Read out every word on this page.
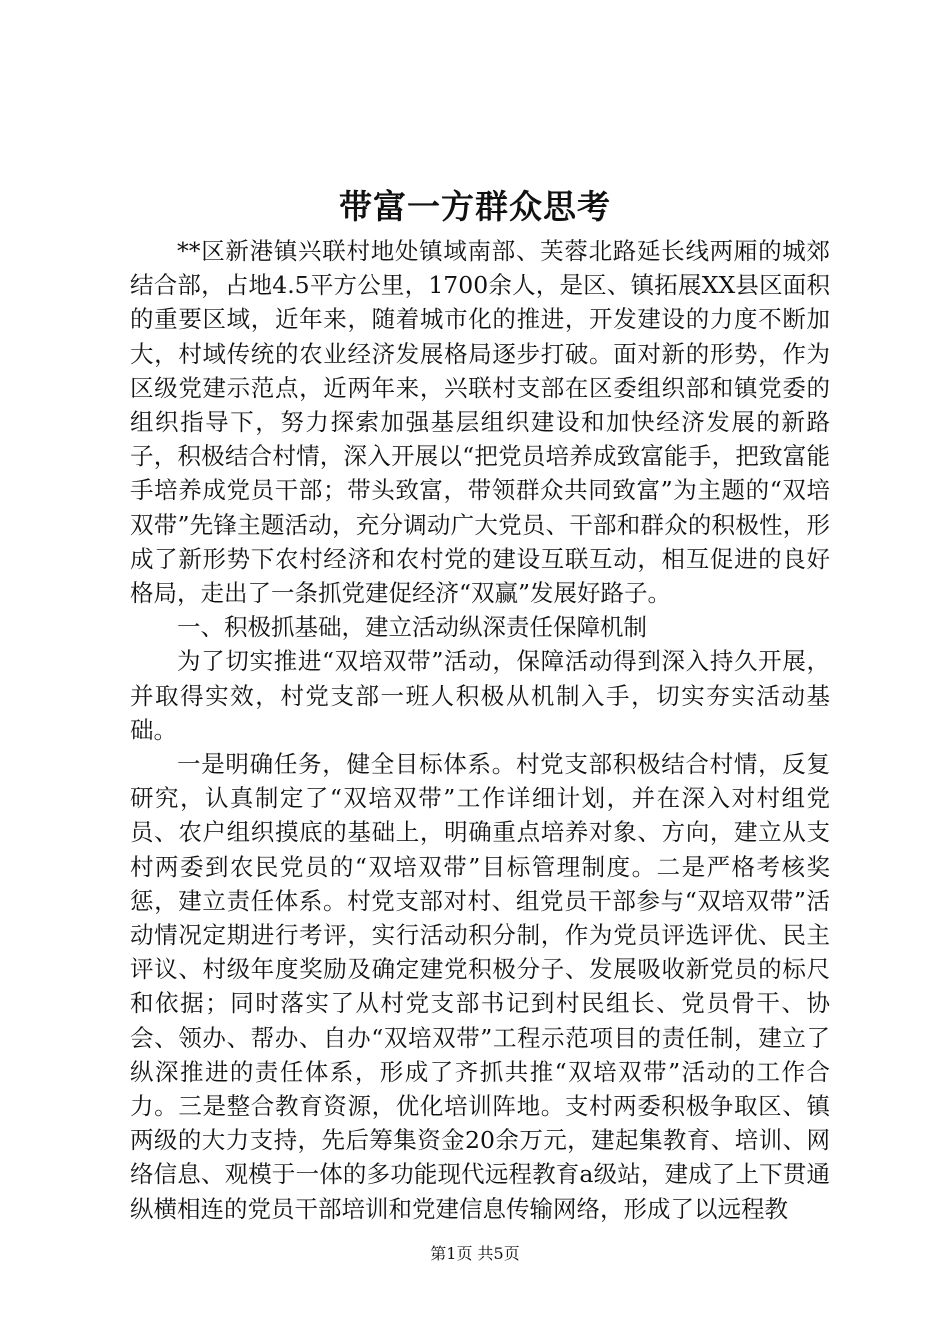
带富一方群众思考

**区新港镇兴联村地处镇域南部、芙蓉北路延长线两厢的城郊结合部，占地4.5平方公里，1700余人，是区、镇拓展XX县区面积的重要区域，近年来，随着城市化的推进，开发建设的力度不断加大，村域传统的农业经济发展格局逐步打破。面对新的形势，作为区级党建示范点，近两年来，兴联村支部在区委组织部和镇党委的组织指导下，努力探索加强基层组织建设和加快经济发展的新路子，积极结合村情，深入开展以“把党员培养成致富能手，把致富能手培养成党员干部；带头致富，带领群众共同致富”为主题的“双培双带”先锋主题活动，充分调动广大党员、干部和群众的积极性，形成了新形势下农村经济和农村党的建设互联互动，相互促进的良好格局，走出了一条抓党建促经济“双赢”发展好路子。

一、积极抓基础，建立活动纵深责任保障机制

为了切实推进“双培双带”活动，保障活动得到深入持久开展，并取得实效，村党支部一班人积极从机制入手，切实夯实活动基础。

一是明确任务，健全目标体系。村党支部积极结合村情，反复研究，认真制定了“双培双带”工作详细计划，并在深入对村组党员、农户组织摸底的基础上，明确重点培养对象、方向，建立从支村两委到农民党员的“双培双带”目标管理制度。二是严格考核奖惩，建立责任体系。村党支部对村、组党员干部参与“双培双带”活动情况定期进行考评，实行活动积分制，作为党员评选评优、民主评议、村级年度奖励及确定建党积极分子、发展吸收新党员的标尺和依据；同时落实了从村党支部书记到村民组长、党员骨干、协会、领办、帮办、自办“双培双带”工程示范项目的责任制，建立了纵深推进的责任体系，形成了齐抓共推“双培双带”活动的工作合力。三是整合教育资源，优化培训阵地。支村两委积极争取区、镇两级的大力支持，先后筹集资金20余万元，建起集教育、培训、网络信息、观模于一体的多功能现代远程教育a级站，建成了上下贯通纵横相连的党员干部培训和党建信息传输网络，形成了以远程教

第1页 共5页
